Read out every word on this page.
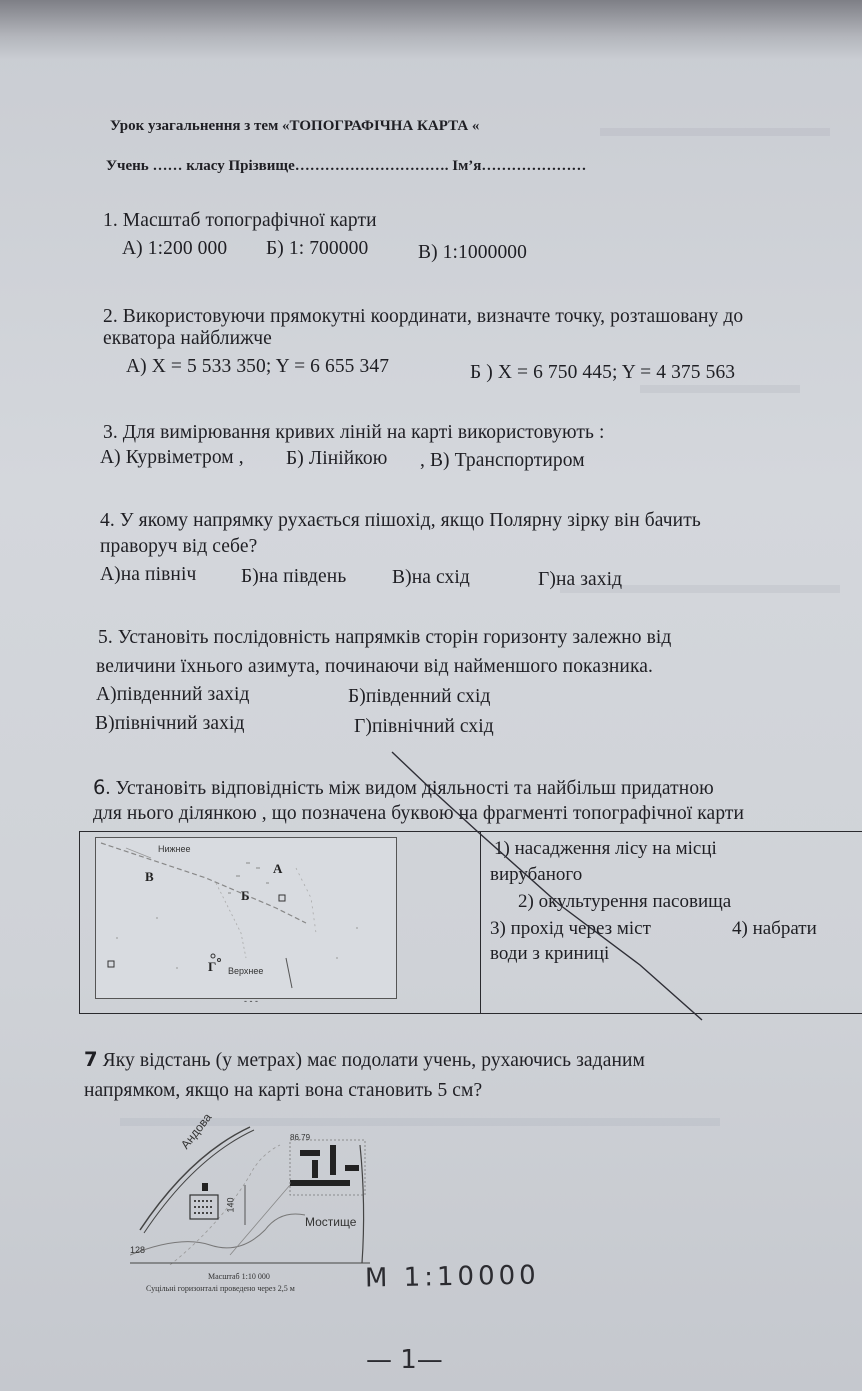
Урок узагальнення з тем «ТОПОГРАФІЧНА КАРТА «
Учень …… класу Прізвище…………………………. Ім’я…………………
1. Масштаб топографічної карти
А) 1:200 000 Б) 1: 700000	В) 1:1000000
2. Використовуючи прямокутні координати, визначте точку, розташовану до
екватора найближче
А) X = 5 533 350; Y = 6 655 347	Б ) X = 6 750 445; Y = 4 375 563
3. Для вимірювання кривих ліній на карті використовують :
А) Курвіметром , Б) Лінійкою , В) Транспортиром
4. У якому напрямку рухається пішохід, якщо Полярну зірку він бачить
праворуч від себе?
А)на північ Б)на південь В)на схід	Г)на захід
5. Установіть послідовність напрямків сторін горизонту залежно від
величини їхнього азимута, починаючи від найменшого показника.
А)південний захід	Б)південний схід
В)північний захід	Г)північний схід
6. Установіть відповідність між видом діяльності та найбільш придатною
для нього ділянкою , що позначена буквою на фрагменті топографічної карти
Нижнее
А
Б
В
Г Верхнее
- - -
1) насадження лісу на місці
вирубаного
2) окультурення пасовища
3) прохід через міст	4) набрати
води з криниці
7 Яку відстань (у метрах) має подолати учень, рухаючись заданим
напрямком, якщо на карті вона становить 5 см?
Андова
Мостище
140
128
86.79
Масштаб 1:10 000
Суцільні горизонталі проведено через 2,5 м	М 1:10000
— 1—
